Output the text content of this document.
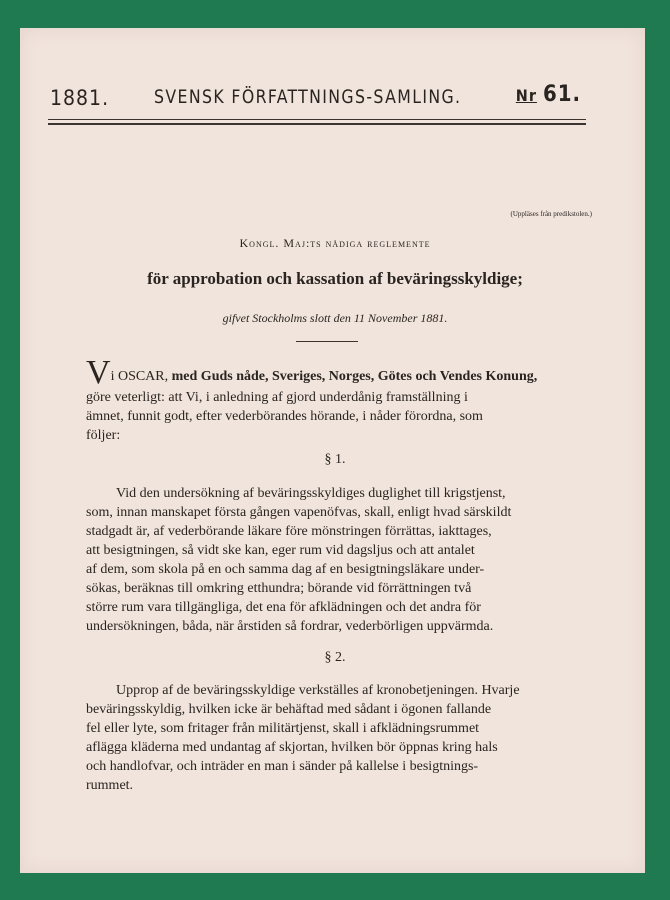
1881. SVENSK FÖRFATTNINGS-SAMLING.	Nr 61.
(Uppläses från predikstolen.)
Kongl. Maj:ts nådiga reglemente
för approbation och kassation af beväringsskyldige;
gifvet Stockholms slott den 11 November 1881.
Vi OSCAR, med Guds nåde, Sveriges, Norges, Götes och Vendes Konung,
göre veterligt: att Vi, i anledning af gjord underdånig framställning i
ämnet, funnit godt, efter vederbörandes hörande, i nåder förordna, som
följer:
§ 1.
Vid den undersökning af beväringsskyldiges duglighet till krigstjenst,
som, innan manskapet första gången vapenöfvas, skall, enligt hvad särskildt
stadgadt är, af vederbörande läkare före mönstringen förrättas, iakttages,
att besigtningen, så vidt ske kan, eger rum vid dagsljus och att antalet
af dem, som skola på en och samma dag af en besigtningsläkare under-
sökas, beräknas till omkring etthundra; börande vid förrättningen två
större rum vara tillgängliga, det ena för afklädningen och det andra för
undersökningen, båda, när årstiden så fordrar, vederbörligen uppvärmda.
§ 2.
Upprop af de beväringsskyldige verkställes af kronobetjeningen. Hvarje
beväringsskyldig, hvilken icke är behäftad med sådant i ögonen fallande
fel eller lyte, som fritager från militärtjenst, skall i afklädningsrummet
aflägga kläderna med undantag af skjortan, hvilken bör öppnas kring hals
och handlofvar, och inträder en man i sänder på kallelse i besigtnings-
rummet.
